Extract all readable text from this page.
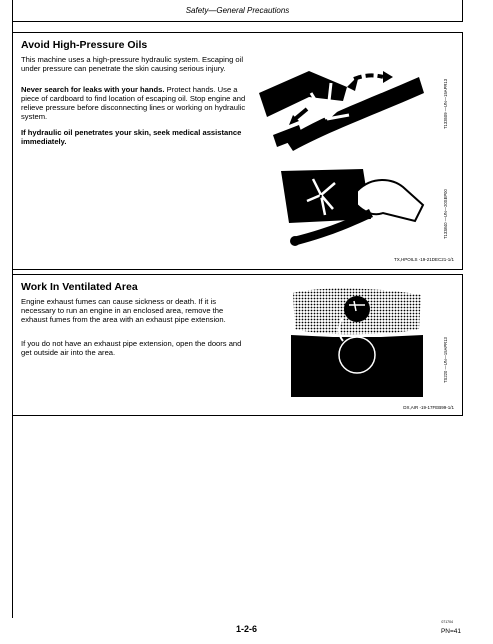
Safety—General Precautions
Avoid High-Pressure Oils

This machine uses a high-pressure hydraulic system. Escaping oil under pressure can penetrate the skin causing serious injury.

Never search for leaks with your hands. Protect hands. Use a piece of cardboard to find location of escaping oil. Stop engine and relieve pressure before disconnecting lines or working on hydraulic system.

If hydraulic oil penetrates your skin, seek medical assistance immediately.

T133509 —UN—15APR13
T133840 —UN—20SEP00
TX,HPOILS -19-21DEC21-1/1
Work In Ventilated Area

Engine exhaust fumes can cause sickness or death. If it is necessary to run an engine in an enclosed area, remove the exhaust fumes from the area with an exhaust pipe extension.

If you do not have an exhaust pipe extension, open the doors and get outside air into the area.	TS220 —UN—15APR13
DX,AIR -19-17FEB99-1/1
1-2-6
071704
PN=41
